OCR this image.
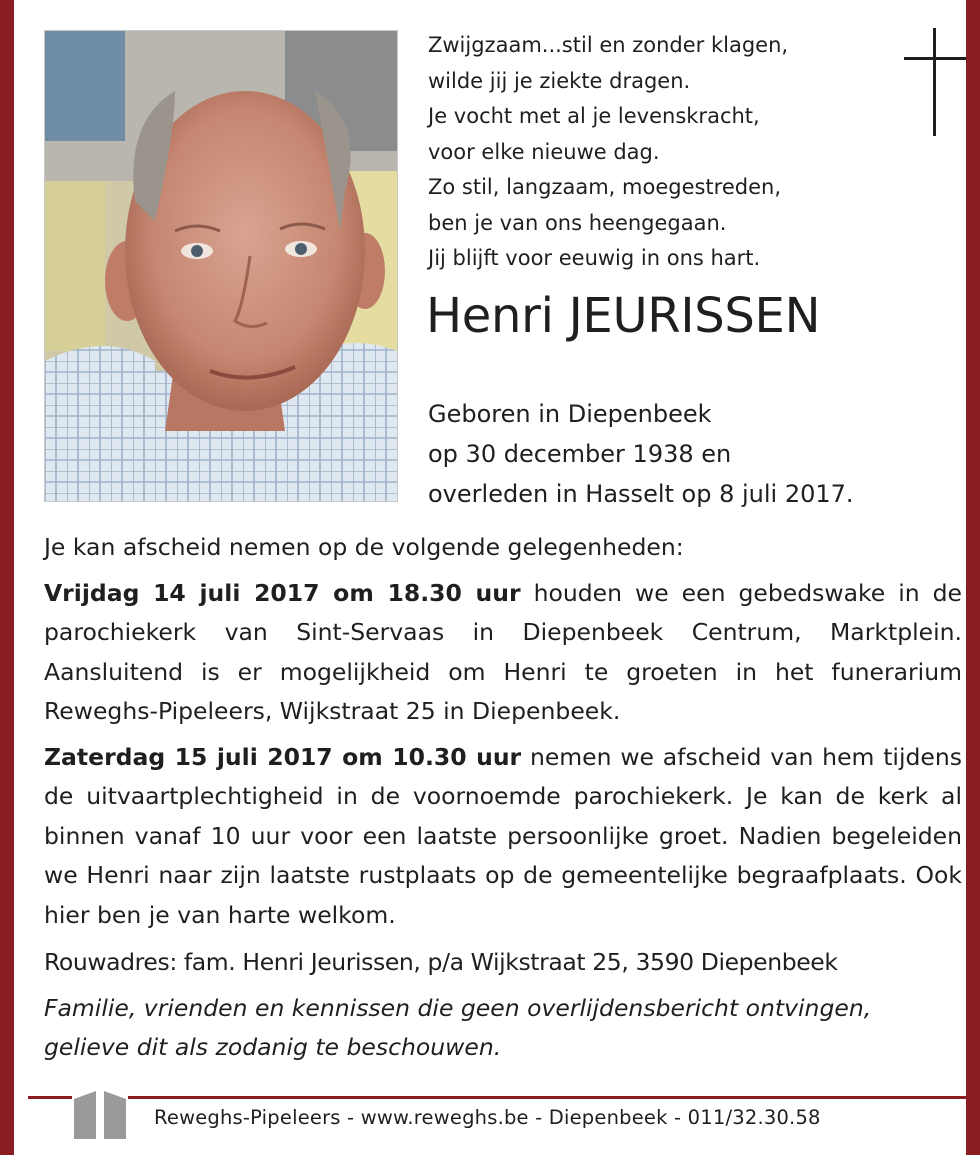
Zwijgzaam...stil en zonder klagen,
wilde jij je ziekte dragen.
Je vocht met al je levenskracht,
voor elke nieuwe dag.
Zo stil, langzaam, moegestreden,
ben je van ons heengegaan.
Jij blijft voor eeuwig in ons hart.
Henri JEURISSEN
Geboren in Diepenbeek
op 30 december 1938 en
overleden in Hasselt op 8 juli 2017.

Je kan afscheid nemen op de volgende gelegenheden:

Vrijdag 14 juli 2017 om 18.30 uur houden we een gebedswake in de parochiekerk van Sint-Servaas in Diepenbeek Centrum, Marktplein. Aansluitend is er mogelijkheid om Henri te groeten in het funerarium Reweghs-Pipeleers, Wijkstraat 25 in Diepenbeek.

Zaterdag 15 juli 2017 om 10.30 uur nemen we afscheid van hem tijdens de uitvaartplechtigheid in de voornoemde parochiekerk. Je kan de kerk al binnen vanaf 10 uur voor een laatste persoonlijke groet. Nadien begeleiden we Henri naar zijn laatste rustplaats op de gemeentelijke begraafplaats. Ook hier ben je van harte welkom.

Rouwadres: fam. Henri Jeurissen, p/a Wijkstraat 25, 3590 Diepenbeek

Familie, vrienden en kennissen die geen overlijdensbericht ontvingen, gelieve dit als zodanig te beschouwen.

Reweghs-Pipeleers - www.reweghs.be - Diepenbeek - 011/32.30.58
